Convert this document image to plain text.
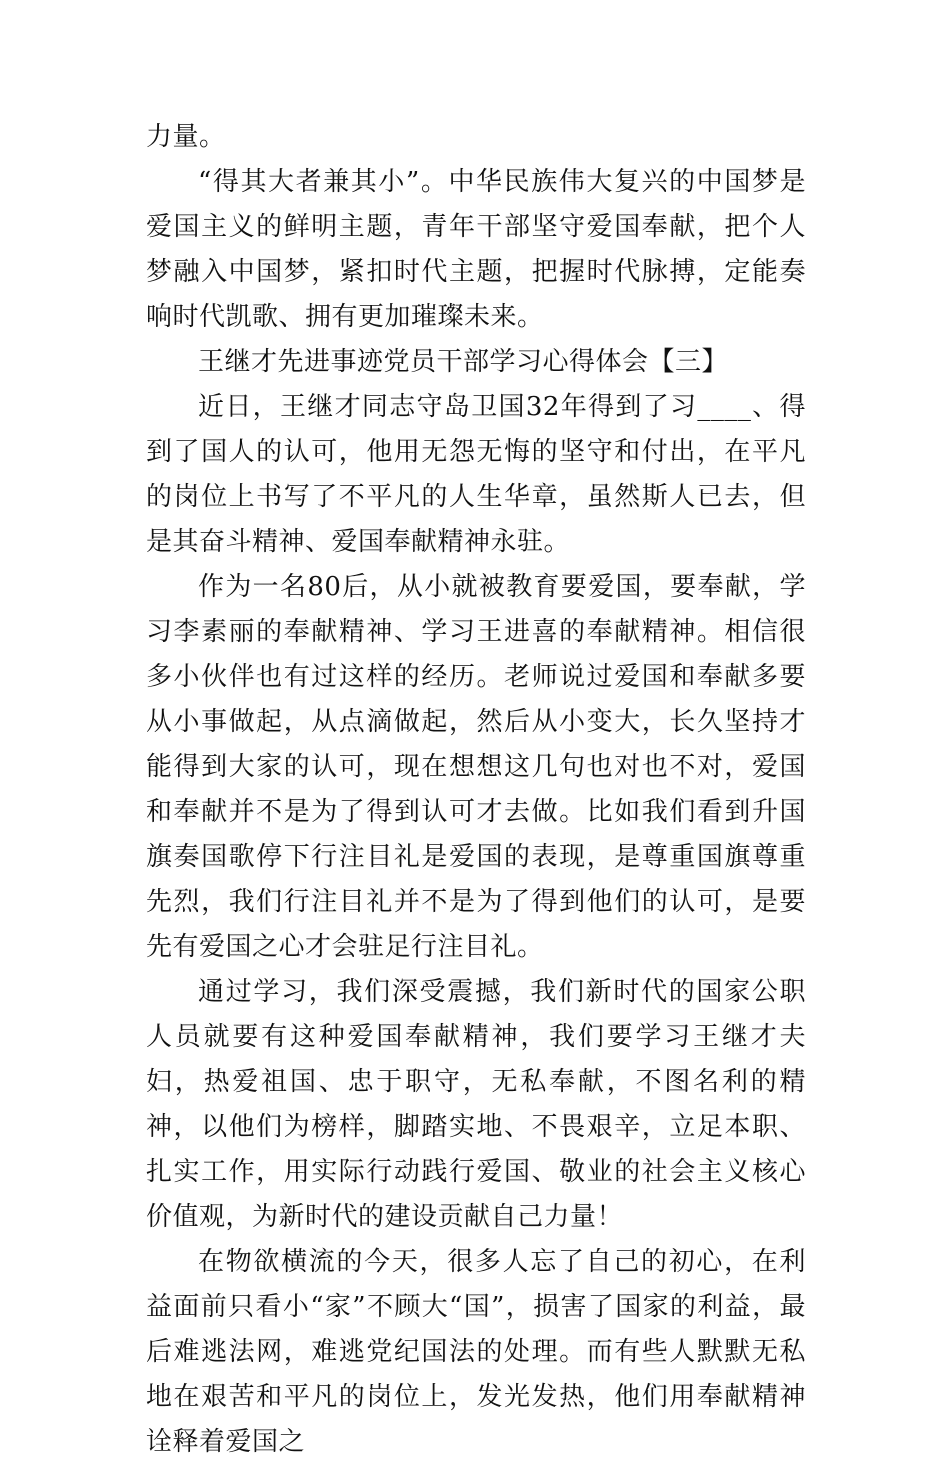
力量。

“得其大者兼其小”。中华民族伟大复兴的中国梦是爱国主义的鲜明主题，青年干部坚守爱国奉献，把个人梦融入中国梦，紧扣时代主题，把握时代脉搏，定能奏响时代凯歌、拥有更加璀璨未来。

王继才先进事迹党员干部学习心得体会【三】

近日，王继才同志守岛卫国32年得到了习____、得到了国人的认可，他用无怨无悔的坚守和付出，在平凡的岗位上书写了不平凡的人生华章，虽然斯人已去，但是其奋斗精神、爱国奉献精神永驻。

作为一名80后，从小就被教育要爱国，要奉献，学习李素丽的奉献精神、学习王进喜的奉献精神。相信很多小伙伴也有过这样的经历。老师说过爱国和奉献多要从小事做起，从点滴做起，然后从小变大，长久坚持才能得到大家的认可，现在想想这几句也对也不对，爱国和奉献并不是为了得到认可才去做。比如我们看到升国旗奏国歌停下行注目礼是爱国的表现，是尊重国旗尊重先烈，我们行注目礼并不是为了得到他们的认可，是要先有爱国之心才会驻足行注目礼。

通过学习，我们深受震撼，我们新时代的国家公职人员就要有这种爱国奉献精神，我们要学习王继才夫妇，热爱祖国、忠于职守，无私奉献，不图名利的精神，以他们为榜样，脚踏实地、不畏艰辛，立足本职、扎实工作，用实际行动践行爱国、敬业的社会主义核心价值观，为新时代的建设贡献自己力量！

在物欲横流的今天，很多人忘了自己的初心，在利益面前只看小“家”不顾大“国”，损害了国家的利益，最后难逃法网，难逃党纪国法的处理。而有些人默默无私地在艰苦和平凡的岗位上，发光发热，他们用奉献精神诠释着爱国之
